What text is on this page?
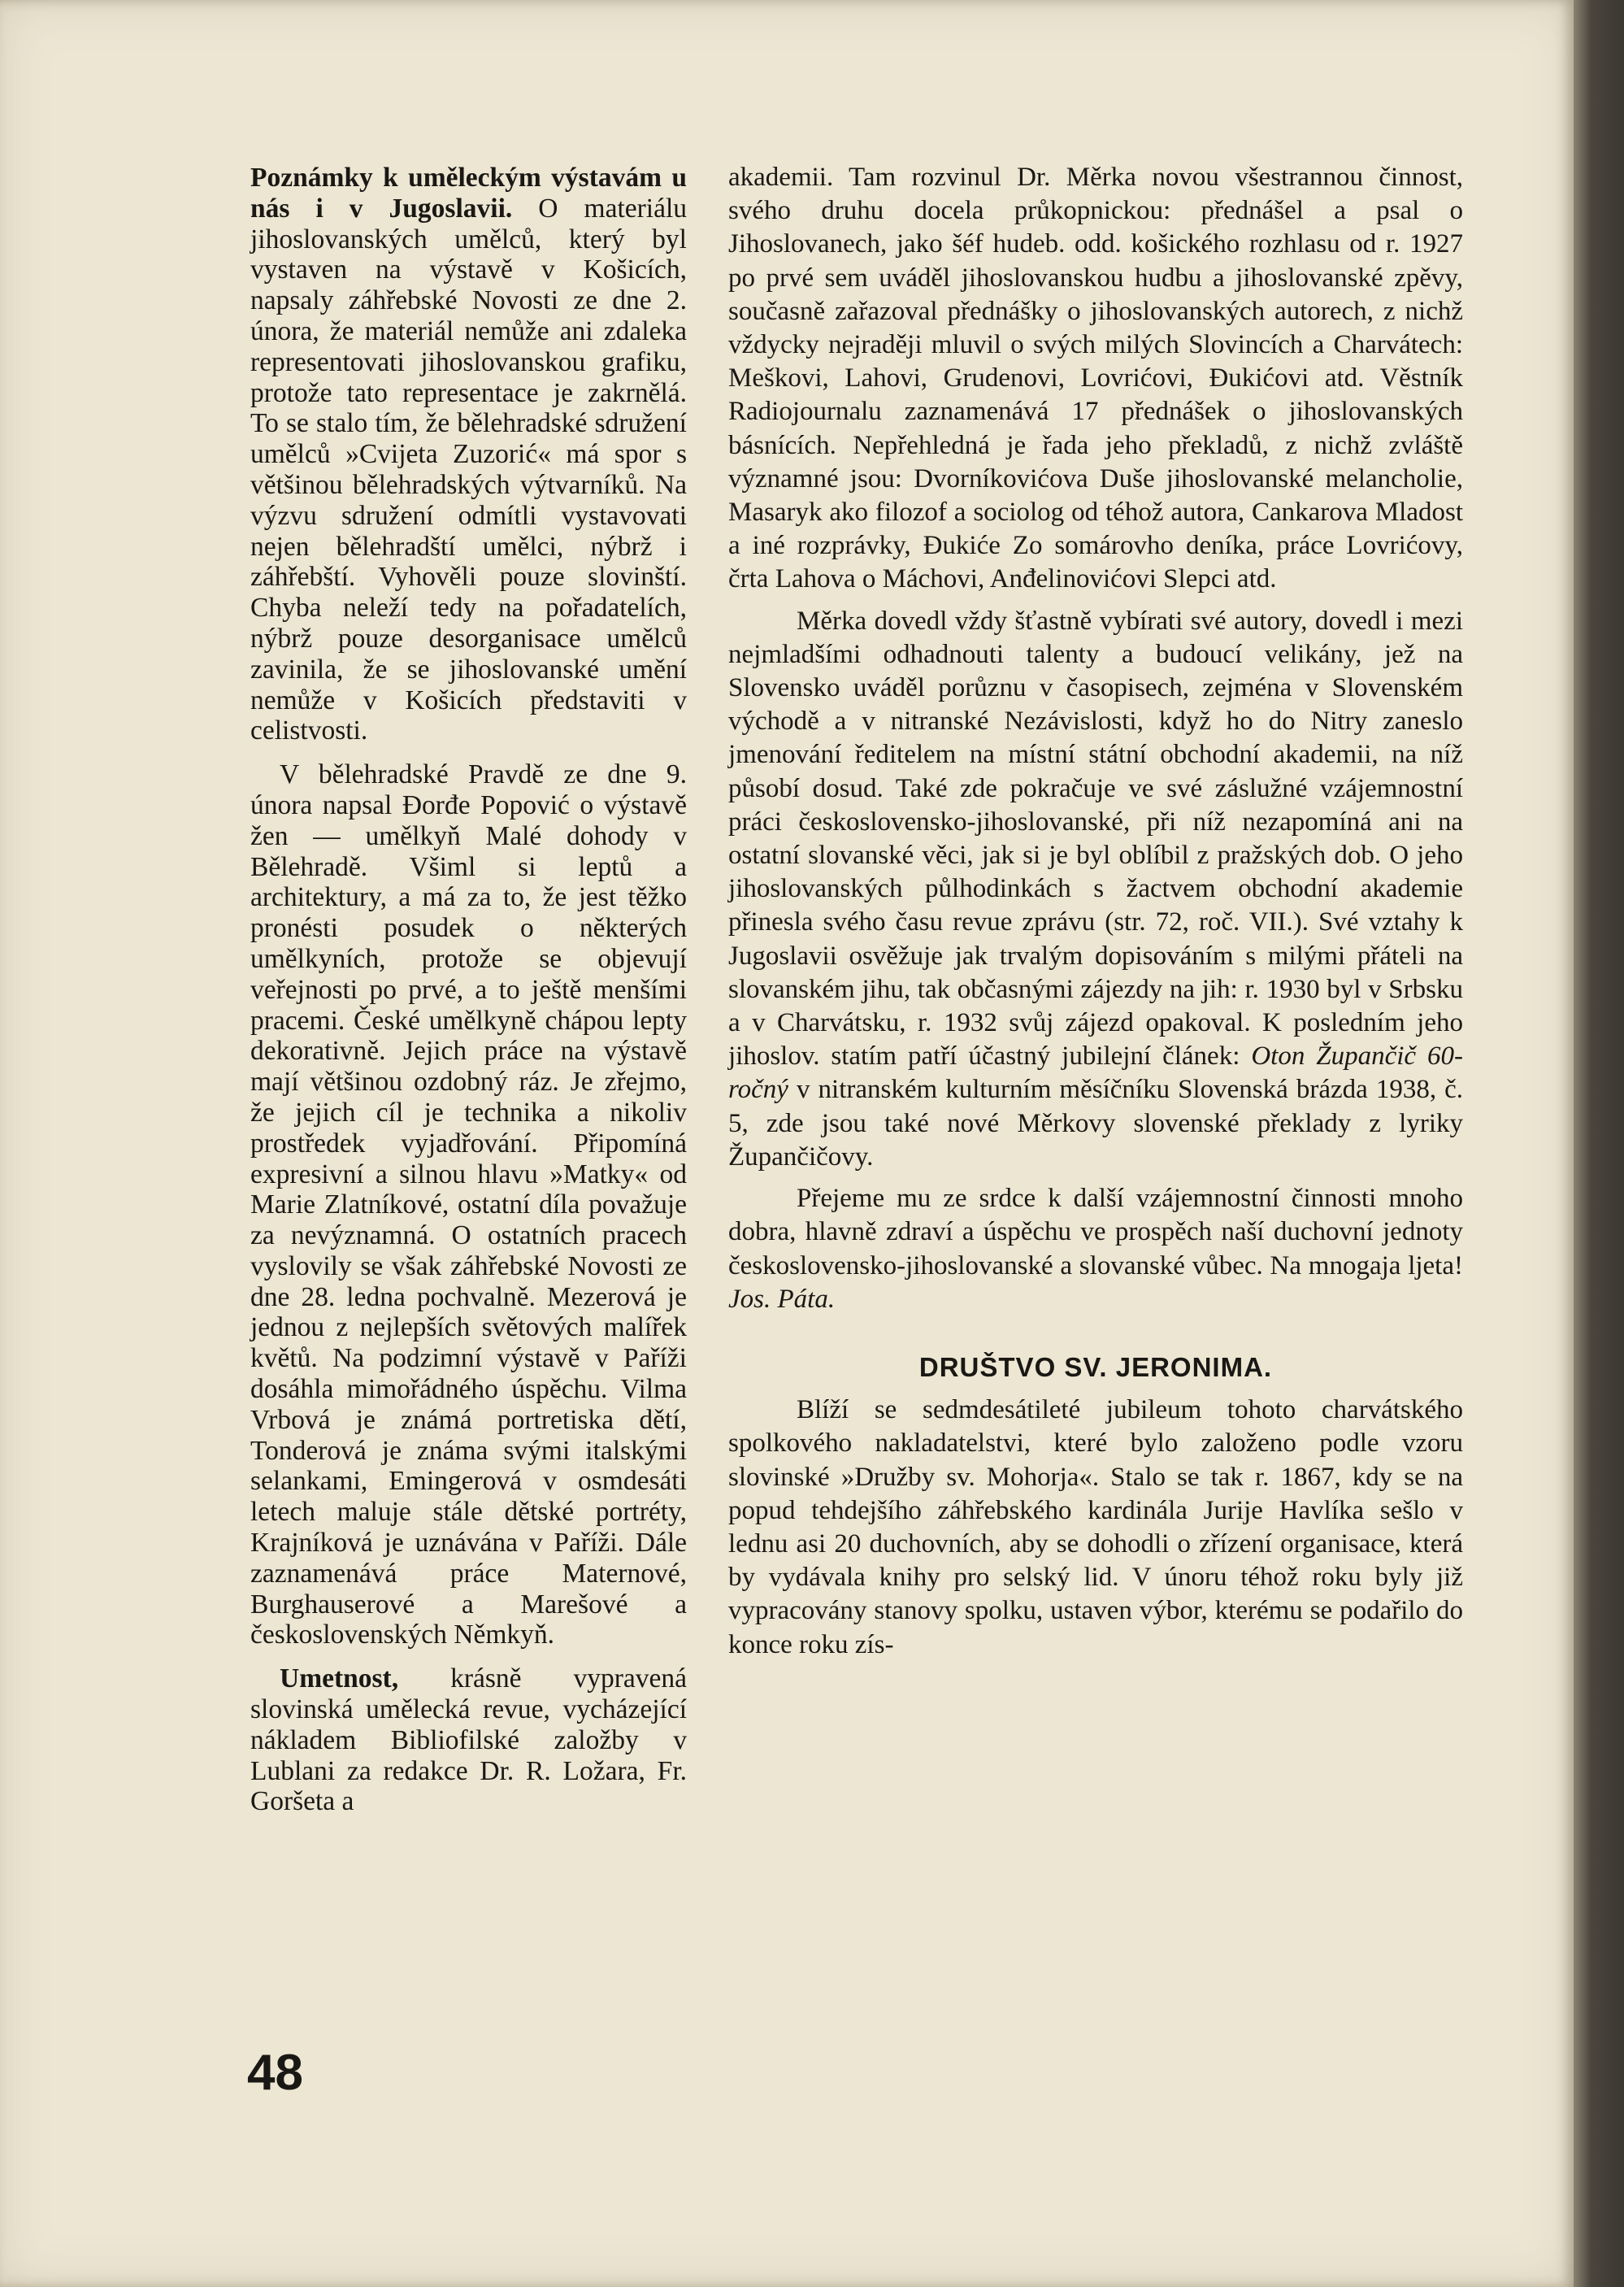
Poznámky k uměleckým výstavám u nás i v Jugoslavii. O materiálu jihoslovanských umělců, který byl vystaven na výstavě v Košicích, napsaly záhřebské Novosti ze dne 2. února, že materiál nemůže ani zdaleka representovati jihoslovanskou grafiku, protože tato representace je zakrnělá. To se stalo tím, že bělehradské sdružení umělců »Cvijeta Zuzorić« má spor s většinou bělehradských výtvarníků. Na výzvu sdružení odmítli vystavovati nejen bělehradští umělci, nýbrž i záhřebští. Vyhověli pouze slovinští. Chyba neleží tedy na pořadatelích, nýbrž pouze desorganisace umělců zavinila, že se jihoslovanské umění nemůže v Košicích představiti v celistvosti.

V bělehradské Pravdě ze dne 9. února napsal Đorđe Popović o výstavě žen — umělkyň Malé dohody v Bělehradě. Všiml si leptů a architektury, a má za to, že jest těžko pronésti posudek o některých umělkyních, protože se objevují veřejnosti po prvé, a to ještě menšími pracemi. České umělkyně chápou lepty dekorativně. Jejich práce na výstavě mají většinou ozdobný ráz. Je zřejmo, že jejich cíl je technika a nikoliv prostředek vyjadřování. Připomíná expresivní a silnou hlavu »Matky« od Marie Zlatníkové, ostatní díla považuje za nevýznamná. O ostatních pracech vyslovily se však záhřebské Novosti ze dne 28. ledna pochvalně. Mezerová je jednou z nejlepších světových malířek květů. Na podzimní výstavě v Paříži dosáhla mimořádného úspěchu. Vilma Vrbová je známá portretiska dětí, Tonderová je známa svými italskými selankami, Emingerová v osmdesáti letech maluje stále dětské portréty, Krajníková je uznávána v Paříži. Dále zaznamenává práce Maternové, Burghauserové a Marešové a československých Němkyň.

Umetnost, krásně vypravená slovinská umělecká revue, vycházející nákladem Bibliofilské založby v Lublani za redakce Dr. R. Ložara, Fr. Goršeta a

akademii. Tam rozvinul Dr. Měrka novou všestrannou činnost, svého druhu docela průkopnickou: přednášel a psal o Jihoslovanech, jako šéf hudeb. odd. košického rozhlasu od r. 1927 po prvé sem uváděl jihoslovanskou hudbu a jihoslovanské zpěvy, současně zařazoval přednášky o jihoslovanských autorech, z nichž vždycky nejraději mluvil o svých milých Slovincích a Charvátech: Meškovi, Lahovi, Grudenovi, Lovrićovi, Đukićovi atd. Věstník Radiojournalu zaznamenává 17 přednášek o jihoslovanských básnících. Nepřehledná je řada jeho překladů, z nichž zvláště významné jsou: Dvorníkovićova Duše jihoslovanské melancholie, Masaryk ako filozof a sociolog od téhož autora, Cankarova Mladost a iné rozprávky, Đukiće Zo somárovho deníka, práce Lovrićovy, črta Lahova o Máchovi, Anđelinovićovi Slepci atd.

Měrka dovedl vždy šťastně vybírati své autory, dovedl i mezi nejmladšími odhadnouti talenty a budoucí velikány, jež na Slovensko uváděl porůznu v časopisech, zejména v Slovenském východě a v nitranské Nezávislosti, když ho do Nitry zaneslo jmenování ředitelem na místní státní obchodní akademii, na níž působí dosud. Také zde pokračuje ve své záslužné vzájemnostní práci československo-jihoslovanské, při níž nezapomíná ani na ostatní slovanské věci, jak si je byl oblíbil z pražských dob. O jeho jihoslovanských půlhodinkách s žactvem obchodní akademie přinesla svého času revue zprávu (str. 72, roč. VII.). Své vztahy k Jugoslavii osvěžuje jak trvalým dopisováním s milými přáteli na slovanském jihu, tak občasnými zájezdy na jih: r. 1930 byl v Srbsku a v Charvátsku, r. 1932 svůj zájezd opakoval. K posledním jeho jihoslov. statím patří účastný jubilejní článek: Oton Župančič 60-ročný v nitranském kulturním měsíčníku Slovenská brázda 1938, č. 5, zde jsou také nové Měrkovy slovenské překlady z lyriky Župančičovy.

Přejeme mu ze srdce k další vzájemnostní činnosti mnoho dobra, hlavně zdraví a úspěchu ve prospěch naší duchovní jednoty československo-jihoslovanské a slovanské vůbec. Na mnogaja ljeta! Jos. Páta.

DRUŠTVO SV. JERONIMA.

Blíží se sedmdesátileté jubileum tohoto charvátského spolkového nakladatelstvi, které bylo založeno podle vzoru slovinské »Družby sv. Mohorja«. Stalo se tak r. 1867, kdy se na popud tehdejšího záhřebského kardinála Jurije Havlíka sešlo v lednu asi 20 duchovních, aby se dohodli o zřízení organisace, která by vydávala knihy pro selský lid. V únoru téhož roku byly již vypracovány stanovy spolku, ustaven výbor, kterému se podařilo do konce roku zís-

48
